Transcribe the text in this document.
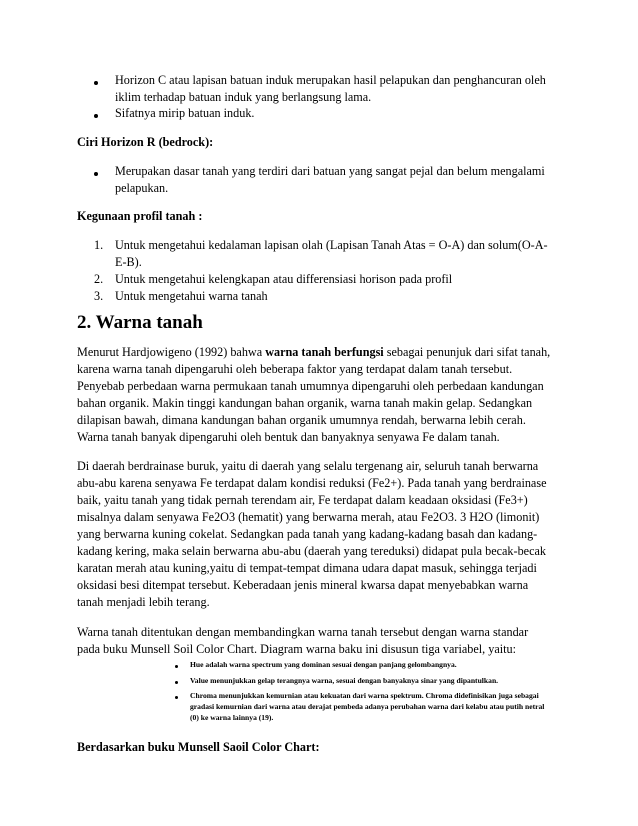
Horizon C atau lapisan batuan induk merupakan hasil pelapukan dan penghancuran oleh
iklim terhadap batuan induk yang berlangsung lama.
Sifatnya mirip batuan induk.
Ciri Horizon R (bedrock):
Merupakan dasar tanah yang terdiri dari batuan yang sangat pejal dan belum mengalami
pelapukan.
Kegunaan profil tanah :
1. Untuk mengetahui kedalaman lapisan olah (Lapisan Tanah Atas = O-A) dan solum(O-A-
E-B).
2. Untuk mengetahui kelengkapan atau differensiasi horison pada profil
3. Untuk mengetahui warna tanah
2. Warna tanah
Menurut Hardjowigeno (1992) bahwa warna tanah berfungsi sebagai penunjuk dari sifat tanah,
karena warna tanah dipengaruhi oleh beberapa faktor yang terdapat dalam tanah tersebut.
Penyebab perbedaan warna permukaan tanah umumnya dipengaruhi oleh perbedaan kandungan
bahan organik. Makin tinggi kandungan bahan organik, warna tanah makin gelap. Sedangkan
dilapisan bawah, dimana kandungan bahan organik umumnya rendah, berwarna lebih cerah.
Warna tanah banyak dipengaruhi oleh bentuk dan banyaknya senyawa Fe dalam tanah.
Di daerah berdrainase buruk, yaitu di daerah yang selalu tergenang air, seluruh tanah berwarna
abu-abu karena senyawa Fe terdapat dalam kondisi reduksi (Fe2+). Pada tanah yang berdrainase
baik, yaitu tanah yang tidak pernah terendam air, Fe terdapat dalam keadaan oksidasi (Fe3+)
misalnya dalam senyawa Fe2O3 (hematit) yang berwarna merah, atau Fe2O3. 3 H2O (limonit)
yang berwarna kuning cokelat. Sedangkan pada tanah yang kadang-kadang basah dan kadang-
kadang kering, maka selain berwarna abu-abu (daerah yang tereduksi) didapat pula becak-becak
karatan merah atau kuning,yaitu di tempat-tempat dimana udara dapat masuk, sehingga terjadi
oksidasi besi ditempat tersebut. Keberadaan jenis mineral kwarsa dapat menyebabkan warna
tanah menjadi lebih terang.
Warna tanah ditentukan dengan membandingkan warna tanah tersebut dengan warna standar
pada buku Munsell Soil Color Chart. Diagram warna baku ini disusun tiga variabel, yaitu:
Hue adalah warna spectrum yang dominan sesuai dengan panjang gelombangnya.
Value menunjukkan gelap terangnya warna, sesuai dengan banyaknya sinar yang dipantulkan.
Chroma menunjukkan kemurnian atau kekuatan dari warna spektrum. Chroma didefinisikan juga sebagai
gradasi kemurnian dari warna atau derajat pembeda adanya perubahan warna dari kelabu atau putih netral
(0) ke warna lainnya (19).
Berdasarkan buku Munsell Saoil Color Chart:
